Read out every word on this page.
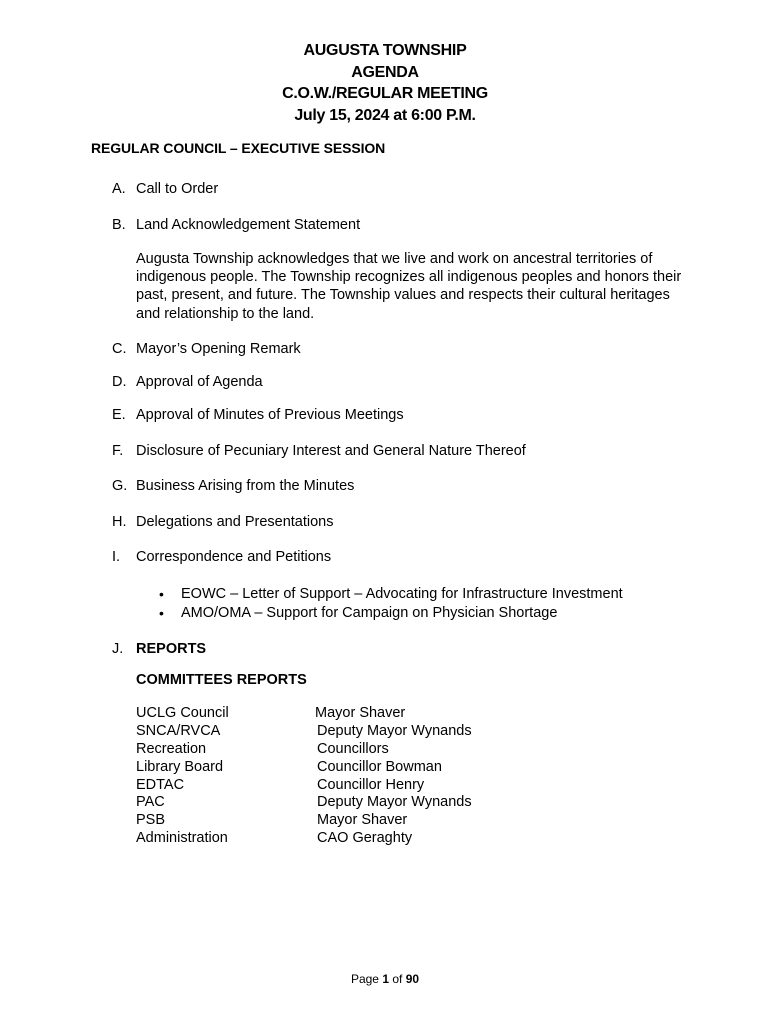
AUGUSTA TOWNSHIP
AGENDA
C.O.W./REGULAR MEETING
July 15, 2024 at 6:00 P.M.
REGULAR COUNCIL – EXECUTIVE SESSION
A. Call to Order
B. Land Acknowledgement Statement
Augusta Township acknowledges that we live and work on ancestral territories of indigenous people. The Township recognizes all indigenous peoples and honors their past, present, and future. The Township values and respects their cultural heritages and relationship to the land.
C. Mayor’s Opening Remark
D. Approval of Agenda
E. Approval of Minutes of Previous Meetings
F. Disclosure of Pecuniary Interest and General Nature Thereof
G. Business Arising from the Minutes
H. Delegations and Presentations
I. Correspondence and Petitions
• EOWC – Letter of Support – Advocating for Infrastructure Investment
• AMO/OMA – Support for Campaign on Physician Shortage
J. REPORTS
COMMITTEES REPORTS
UCLG Council	Mayor Shaver
SNCA/RVCA	Deputy Mayor Wynands
Recreation	Councillors
Library Board	Councillor Bowman
EDTAC	Councillor Henry
PAC	Deputy Mayor Wynands
PSB	Mayor Shaver
Administration	CAO Geraghty
Page 1 of 90
